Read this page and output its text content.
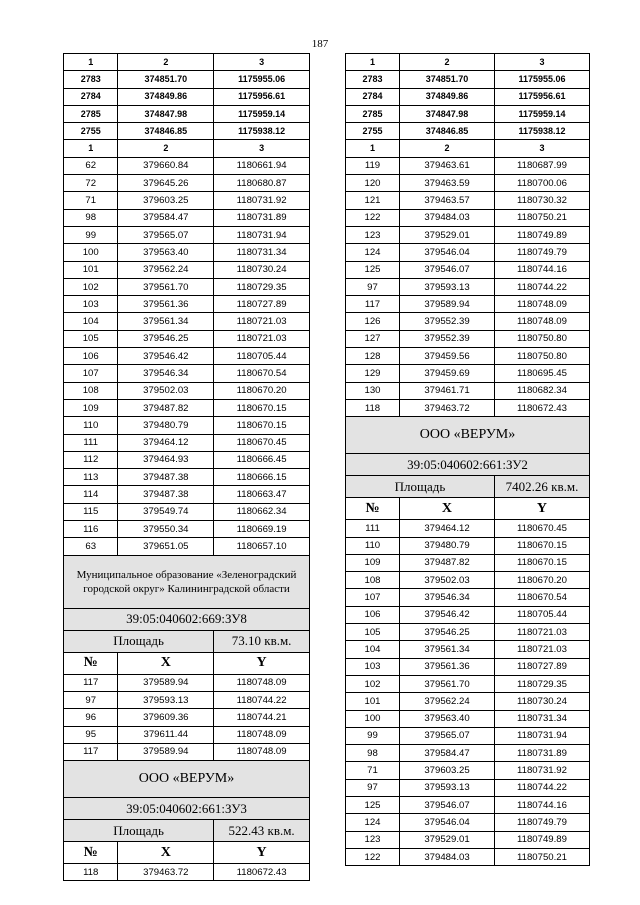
187
1	2	3
2783	374851.70	1175955.06
2784	374849.86	1175956.61
2785	374847.98	1175959.14
2755	374846.85	1175938.12
1	2	3
62	379660.84	1180661.94
72	379645.26	1180680.87
71	379603.25	1180731.92
98	379584.47	1180731.89
99	379565.07	1180731.94
100	379563.40	1180731.34
101	379562.24	1180730.24
102	379561.70	1180729.35
103	379561.36	1180727.89
104	379561.34	1180721.03
105	379546.25	1180721.03
106	379546.42	1180705.44
107	379546.34	1180670.54
108	379502.03	1180670.20
109	379487.82	1180670.15
110	379480.79	1180670.15
111	379464.12	1180670.45
112	379464.93	1180666.45
113	379487.38	1180666.15
114	379487.38	1180663.47
115	379549.74	1180662.34
116	379550.34	1180669.19
63	379651.05	1180657.10
Муниципальное образование «Зеленоградский городской округ» Калининградской области		
39:05:040602:669:ЗУ8		
Площадь		73.10 кв.м.
№	X	Y
117	379589.94	1180748.09
97	379593.13	1180744.22
96	379609.36	1180744.21
95	379611.44	1180748.09
117	379589.94	1180748.09
ООО «ВЕРУМ»		
39:05:040602:661:ЗУ3		
Площадь		522.43 кв.м.
№	X	Y
118	379463.72	1180672.43
1	2	3
2783	374851.70	1175955.06
2784	374849.86	1175956.61
2785	374847.98	1175959.14
2755	374846.85	1175938.12
1	2	3
119	379463.61	1180687.99
120	379463.59	1180700.06
121	379463.57	1180730.32
122	379484.03	1180750.21
123	379529.01	1180749.89
124	379546.04	1180749.79
125	379546.07	1180744.16
97	379593.13	1180744.22
117	379589.94	1180748.09
126	379552.39	1180748.09
127	379552.39	1180750.80
128	379459.56	1180750.80
129	379459.69	1180695.45
130	379461.71	1180682.34
118	379463.72	1180672.43
ООО «ВЕРУМ»		
39:05:040602:661:ЗУ2		
Площадь		7402.26 кв.м.
№	X	Y
111	379464.12	1180670.45
110	379480.79	1180670.15
109	379487.82	1180670.15
108	379502.03	1180670.20
107	379546.34	1180670.54
106	379546.42	1180705.44
105	379546.25	1180721.03
104	379561.34	1180721.03
103	379561.36	1180727.89
102	379561.70	1180729.35
101	379562.24	1180730.24
100	379563.40	1180731.34
99	379565.07	1180731.94
98	379584.47	1180731.89
71	379603.25	1180731.92
97	379593.13	1180744.22
125	379546.07	1180744.16
124	379546.04	1180749.79
123	379529.01	1180749.89
122	379484.03	1180750.21
